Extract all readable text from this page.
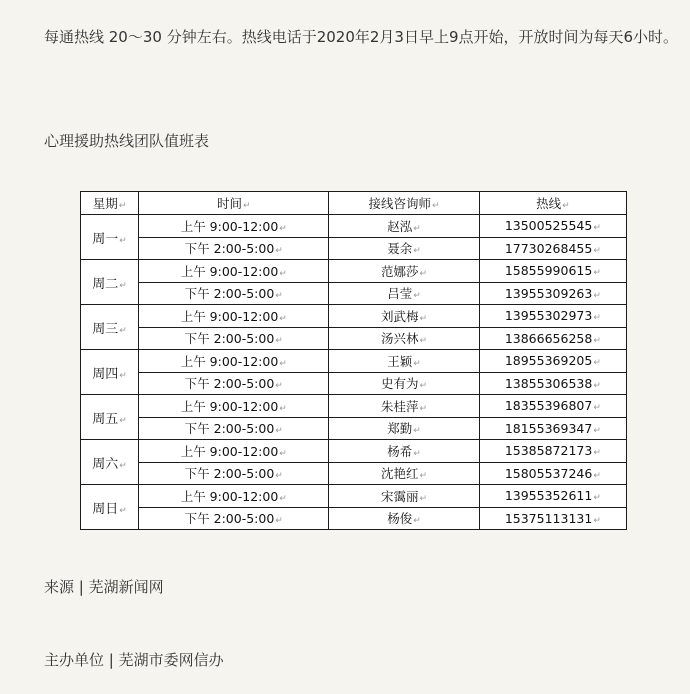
每通热线 20～30 分钟左右。热线电话于2020年2月3日早上9点开始，开放时间为每天6小时。

心理援助热线团队值班表

星期↵	时间↵	接线咨询师↵	热线↵
周一↵	上午 9:00-12:00↵	赵泓↵	13500525545↵
	下午 2:00-5:00↵	聂余↵	17730268455↵
周二↵	上午 9:00-12:00↵	范娜莎↵	15855990615↵
	下午 2:00-5:00↵	吕莹↵	13955309263↵
周三↵	上午 9:00-12:00↵	刘武梅↵	13955302973↵
	下午 2:00-5:00↵	汤兴林↵	13866656258↵
周四↵	上午 9:00-12:00↵	王颖↵	18955369205↵
	下午 2:00-5:00↵	史有为↵	13855306538↵
周五↵	上午 9:00-12:00↵	朱桂萍↵	18355396807↵
	下午 2:00-5:00↵	郑勤↵	18155369347↵
周六↵	上午 9:00-12:00↵	杨希↵	15385872173↵
	下午 2:00-5:00↵	沈艳红↵	15805537246↵
周日↵	上午 9:00-12:00↵	宋霭丽↵	13955352611↵
	下午 2:00-5:00↵	杨俊↵	15375113131↵

来源 | 芜湖新闻网

主办单位 | 芜湖市委网信办
